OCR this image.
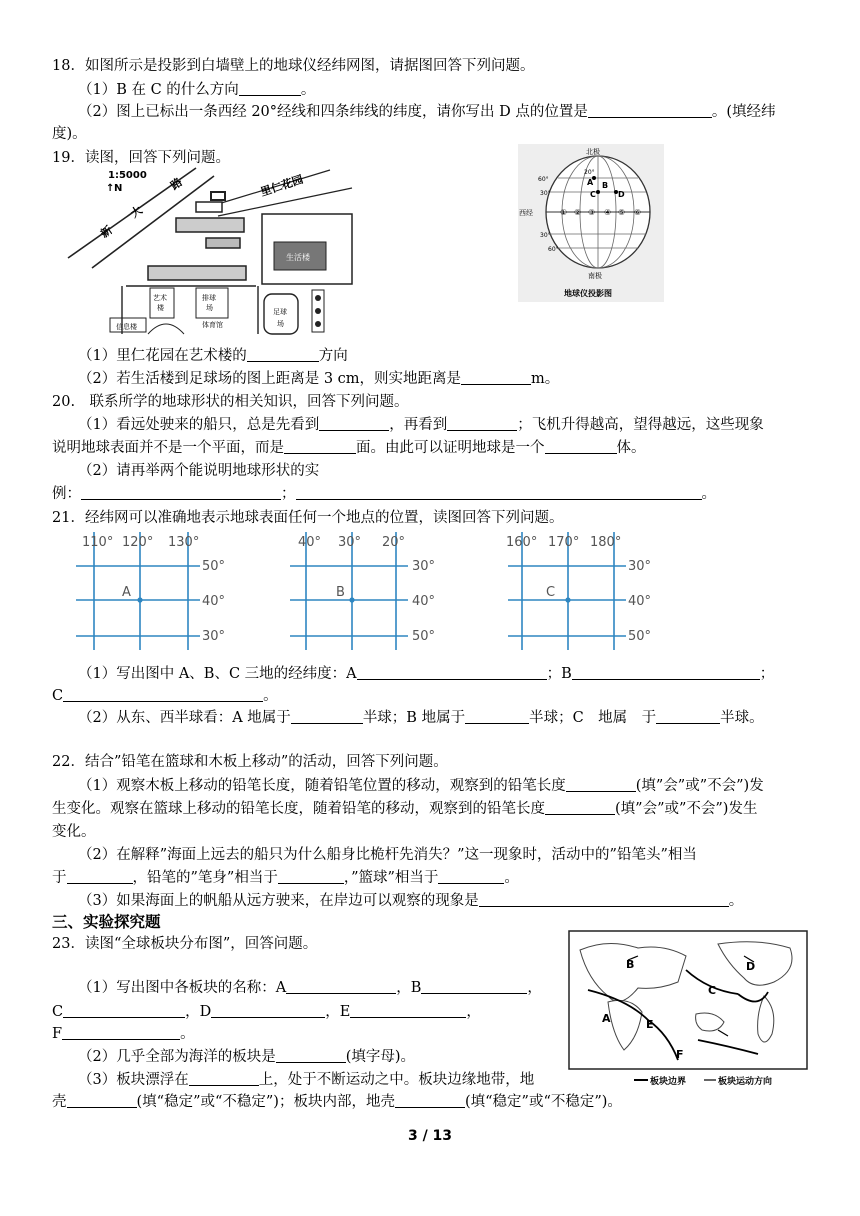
18．如图所示是投影到白墙壁上的地球仪经纬网图，请据图回答下列问题。
（1）B 在 C 的什么方向	。
（2）图上已标出一条西经 20°经线和四条纬线的纬度，请你写出 D 点的位置是	。(填经纬
度)。
19．读图，回答下列问题。
1:5000
↑ N
新
大
路	里仁花园
生活楼
艺术
楼
排球
场
体育馆
信息楼
足球
场
北极
60°
30°
西经
30°
60°
20°
① ② ③ ④ ⑤ ⑥
A B
C	D
南极
地球仪投影图
（1）里仁花园在艺术楼的	方向
（2）若生活楼到足球场的图上距离是 3 cm，则实地距离是	m。
20.　联系所学的地球形状的相关知识，回答下列问题。
（1）看远处驶来的船只，总是先看到	，再看到	；飞机升得越高，望得越远，这些现象
说明地球表面并不是一个平面，而是	面。由此可以证明地球是一个	体。
（2）请再举两个能说明地球形状的实
例：	；	。
21．经纬网可以准确地表示地球表面任何一个地点的位置，读图回答下列问题。
110° 120° 130°
50°
40°
30°
40° 30° 20°
30°
40°
50°
160° 170° 180°
30°
40°
50°
A	B	C
（1）写出图中 A、B、C 三地的经纬度：A	；B	；
C	。
（2）从东、西半球看：A 地属于	半球；B 地属于	半球；C　地属　于	半球。
22．结合”铅笔在篮球和木板上移动”的活动，回答下列问题。
（1）观察木板上移动的铅笔长度，随着铅笔位置的移动，观察到的铅笔长度	(填”会”或”不会”)发
生变化。观察在篮球上移动的铅笔长度，随着铅笔的移动，观察到的铅笔长度	(填”会”或”不会”)发生
变化。
（2）在解释”海面上远去的船只为什么船身比桅杆先消失？”这一现象时，活动中的”铅笔头”相当
于	，铅笔的”笔身”相当于	，”篮球”相当于	。
（3）如果海面上的帆船从远方驶来，在岸边可以观察的现象是	。
三、实验探究题
23．读图“全球板块分布图”，回答问题。
（1）写出图中各板块的名称：A	，B	，
C	，D	，E	，
F	。
（2）几乎全部为海洋的板块是	(填字母)。
（3）板块漂浮在	上，处于不断运动之中。板块边缘地带，地
壳	(填“稳定”或“不稳定”)；板块内部，地壳	(填“稳定”或“不稳定”)。
B
A
C
D
E
F
板块边界	板块运动方向
3 / 13
